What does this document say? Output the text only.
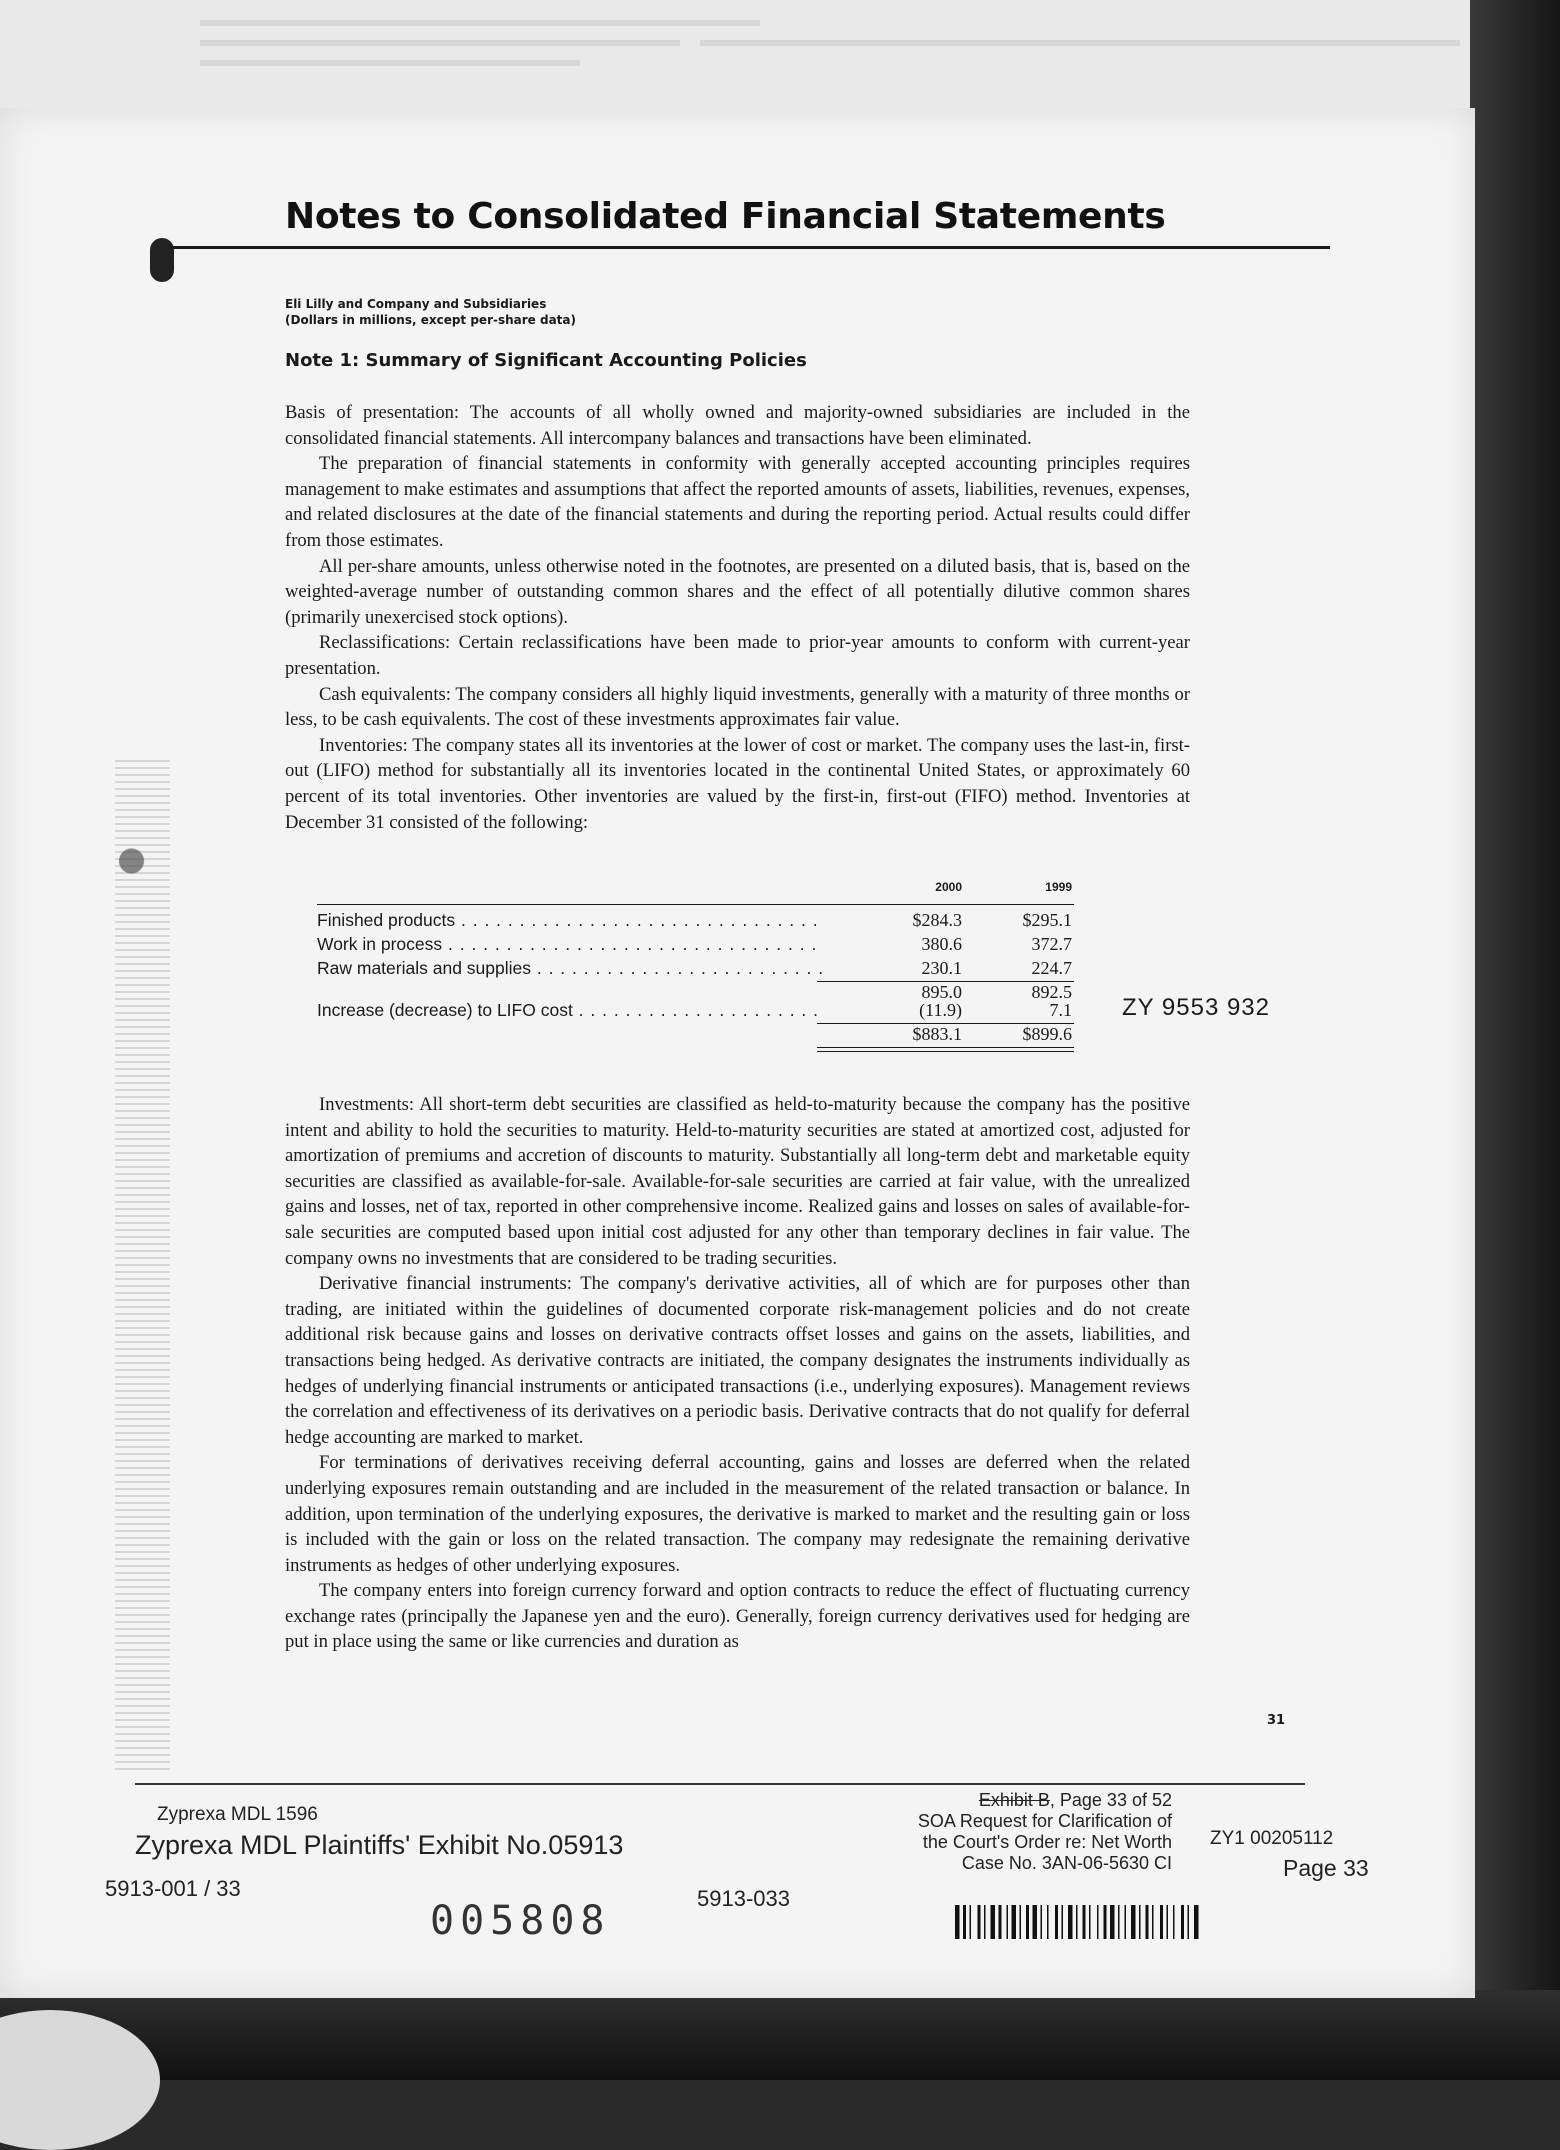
Notes to Consolidated Financial Statements
Eli Lilly and Company and Subsidiaries
(Dollars in millions, except per-share data)
Note 1: Summary of Significant Accounting Policies

Basis of presentation: The accounts of all wholly owned and majority-owned subsidiaries are included in the consolidated financial statements. All intercompany balances and transactions have been eliminated.

The preparation of financial statements in conformity with generally accepted accounting principles requires management to make estimates and assumptions that affect the reported amounts of assets, liabilities, revenues, expenses, and related disclosures at the date of the financial statements and during the reporting period. Actual results could differ from those estimates.

All per-share amounts, unless otherwise noted in the footnotes, are presented on a diluted basis, that is, based on the weighted-average number of outstanding common shares and the effect of all potentially dilutive common shares (primarily unexercised stock options).

Reclassifications: Certain reclassifications have been made to prior-year amounts to conform with current-year presentation.

Cash equivalents: The company considers all highly liquid investments, generally with a maturity of three months or less, to be cash equivalents. The cost of these investments approximates fair value.

Inventories: The company states all its inventories at the lower of cost or market. The company uses the last-in, first-out (LIFO) method for substantially all its inventories located in the continental United States, or approximately 60 percent of its total inventories. Other inventories are valued by the first-in, first-out (FIFO) method. Inventories at December 31 consisted of the following:

2000	1999
Finished products . . .	$284.3	$295.1
Work in process . . .	380.6	372.7
Raw materials and supplies . . .	230.1	224.7
895.0	892.5
Increase (decrease) to LIFO cost . . .	(11.9)	7.1
$883.1	$899.6
ZY 9553 932

Investments: All short-term debt securities are classified as held-to-maturity because the company has the positive intent and ability to hold the securities to maturity. Held-to-maturity securities are stated at amortized cost, adjusted for amortization of premiums and accretion of discounts to maturity. Substantially all long-term debt and marketable equity securities are classified as available-for-sale. Available-for-sale securities are carried at fair value, with the unrealized gains and losses, net of tax, reported in other comprehensive income. Realized gains and losses on sales of available-for-sale securities are computed based upon initial cost adjusted for any other than temporary declines in fair value. The company owns no investments that are considered to be trading securities.

Derivative financial instruments: The company's derivative activities, all of which are for purposes other than trading, are initiated within the guidelines of documented corporate risk-management policies and do not create additional risk because gains and losses on derivative contracts offset losses and gains on the assets, liabilities, and transactions being hedged. As derivative contracts are initiated, the company designates the instruments individually as hedges of underlying financial instruments or anticipated transactions (i.e., underlying exposures). Management reviews the correlation and effectiveness of its derivatives on a periodic basis. Derivative contracts that do not qualify for deferral hedge accounting are marked to market.

For terminations of derivatives receiving deferral accounting, gains and losses are deferred when the related underlying exposures remain outstanding and are included in the measurement of the related transaction or balance. In addition, upon termination of the underlying exposures, the derivative is marked to market and the resulting gain or loss is included with the gain or loss on the related transaction. The company may redesignate the remaining derivative instruments as hedges of other underlying exposures.

The company enters into foreign currency forward and option contracts to reduce the effect of fluctuating currency exchange rates (principally the Japanese yen and the euro). Generally, foreign currency derivatives used for hedging are put in place using the same or like currencies and duration as

31
Zyprexa MDL 1596
Zyprexa MDL Plaintiffs' Exhibit No.05913
5913-001 / 33	5913-033
005808
Exhibit B, Page 33 of 52
SOA Request for Clarification of
the Court's Order re: Net Worth
Case No. 3AN-06-5630 CI
ZY1 00205112
Page 33
